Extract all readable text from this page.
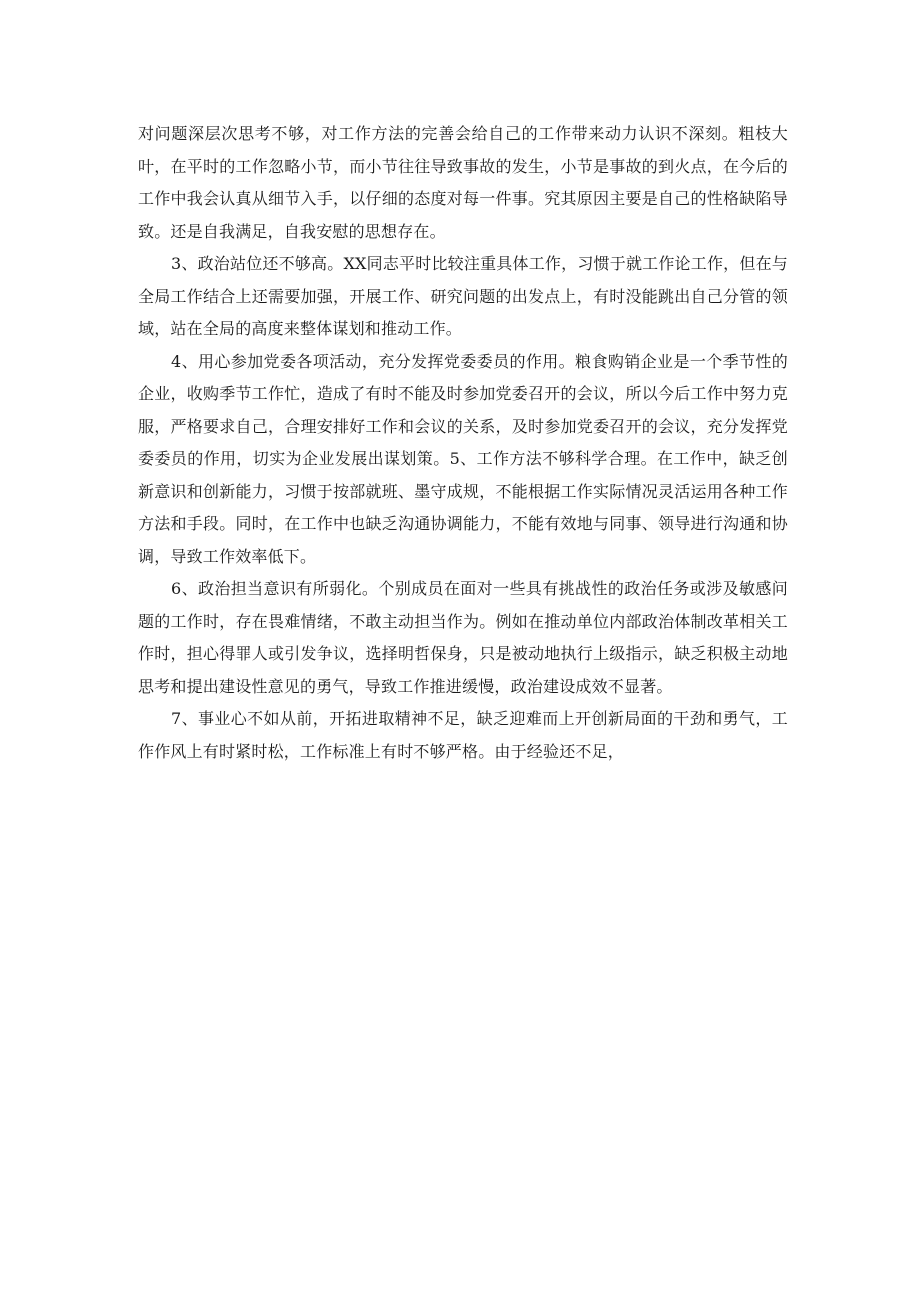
对问题深层次思考不够，对工作方法的完善会给自己的工作带来动力认识不深刻。粗枝大叶，在平时的工作忽略小节，而小节往往导致事故的发生，小节是事故的到火点，在今后的工作中我会认真从细节入手，以仔细的态度对每一件事。究其原因主要是自己的性格缺陷导致。还是自我满足，自我安慰的思想存在。

3、政治站位还不够高。XX同志平时比较注重具体工作，习惯于就工作论工作，但在与全局工作结合上还需要加强，开展工作、研究问题的出发点上，有时没能跳出自己分管的领域，站在全局的高度来整体谋划和推动工作。

4、用心参加党委各项活动，充分发挥党委委员的作用。粮食购销企业是一个季节性的企业，收购季节工作忙，造成了有时不能及时参加党委召开的会议，所以今后工作中努力克服，严格要求自己，合理安排好工作和会议的关系，及时参加党委召开的会议，充分发挥党委委员的作用，切实为企业发展出谋划策。5、工作方法不够科学合理。在工作中，缺乏创新意识和创新能力，习惯于按部就班、墨守成规，不能根据工作实际情况灵活运用各种工作方法和手段。同时，在工作中也缺乏沟通协调能力，不能有效地与同事、领导进行沟通和协调，导致工作效率低下。

6、政治担当意识有所弱化。个别成员在面对一些具有挑战性的政治任务或涉及敏感问题的工作时，存在畏难情绪，不敢主动担当作为。例如在推动单位内部政治体制改革相关工作时，担心得罪人或引发争议，选择明哲保身，只是被动地执行上级指示，缺乏积极主动地思考和提出建设性意见的勇气，导致工作推进缓慢，政治建设成效不显著。

7、事业心不如从前，开拓进取精神不足，缺乏迎难而上开创新局面的干劲和勇气，工作作风上有时紧时松，工作标准上有时不够严格。由于经验还不足，
